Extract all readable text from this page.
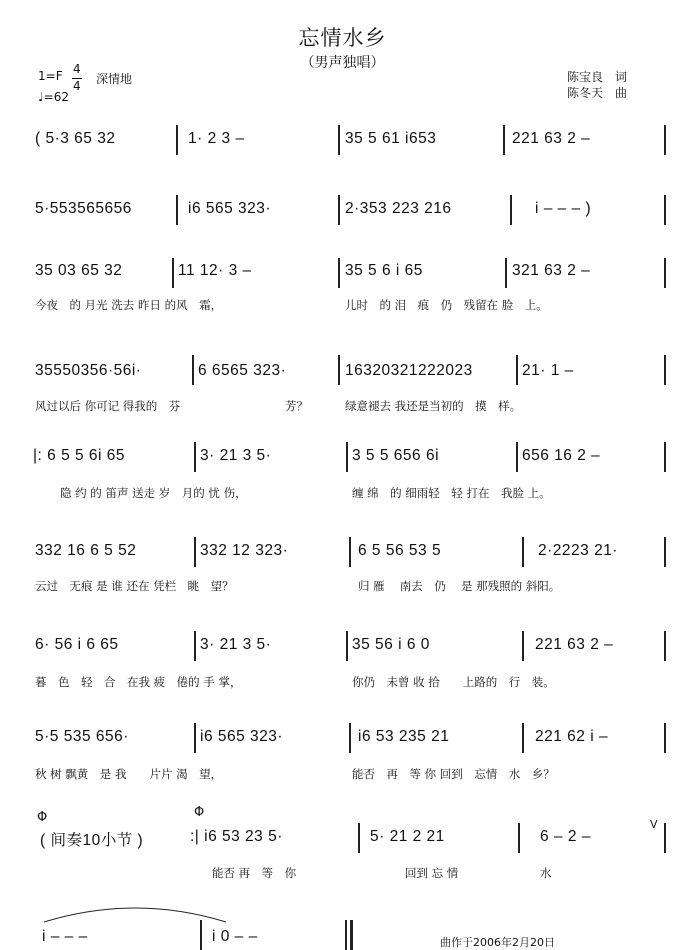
忘情水乡
（男声独唱）
1=F 4
4 深情地
♩=62
陈宝良　词
陈冬天　曲
( 5·3 65 32	1· 2 3 –	35 5 61 i653	221 63 2 –
5·553565656	i6 565 323·	2·353 223 216	i – – – )
35 03 65 32	11 12· 3 –	35 5 6 i 65	321 63 2 –
今夜　的 月光 洗去 昨日 的风　霜，	儿时　的 泪　痕　仍　残留在 脸　上。
35550356·56i·	6 6565 323·	16320321222023	21· 1 –
风过以后 你可记 得我的　芬	芳？	绿意褪去 我还是当初的　摸　样。
|: 6 5 5 6i 65	3· 21 3 5·	3 5 5 656 6i	656 16 2 –
隐 约 的 笛声 送走 岁　月的 忧 伤，	缠 绵　的 细雨轻　轻 打在　我脸 上。
332 16 6 5 52	332 12 323·	6 5 56 53 5	2·2223 21·
云过　无痕 是 谁 还在 凭栏　眺　望？	归 雁　 南去　仍　 是 那残照的 斜阳。
6· 56 i 6 65	3· 21 3 5·	35 56 i 6 0	221 63 2 –
暮　色　轻　合　在我 疲　倦的 手 掌，	你仍　未曾 收 拾　　上路的　行　装。
5·5 535 656·	i6 565 323·	i6 53 235 21	221 62 i –
秋 树 飘黄　是 我　　片片 渴　望，	能否　再　等 你 回到　忘情　水　乡？
Φ	Φ
( 间奏10小节 )	:| i6 53 23 5·	5· 21 2 21	6 – 2 –
V
能否 再　等　你	回到 忘 情	水
i – – –	i 0 – –	曲作于2006年2月20日
